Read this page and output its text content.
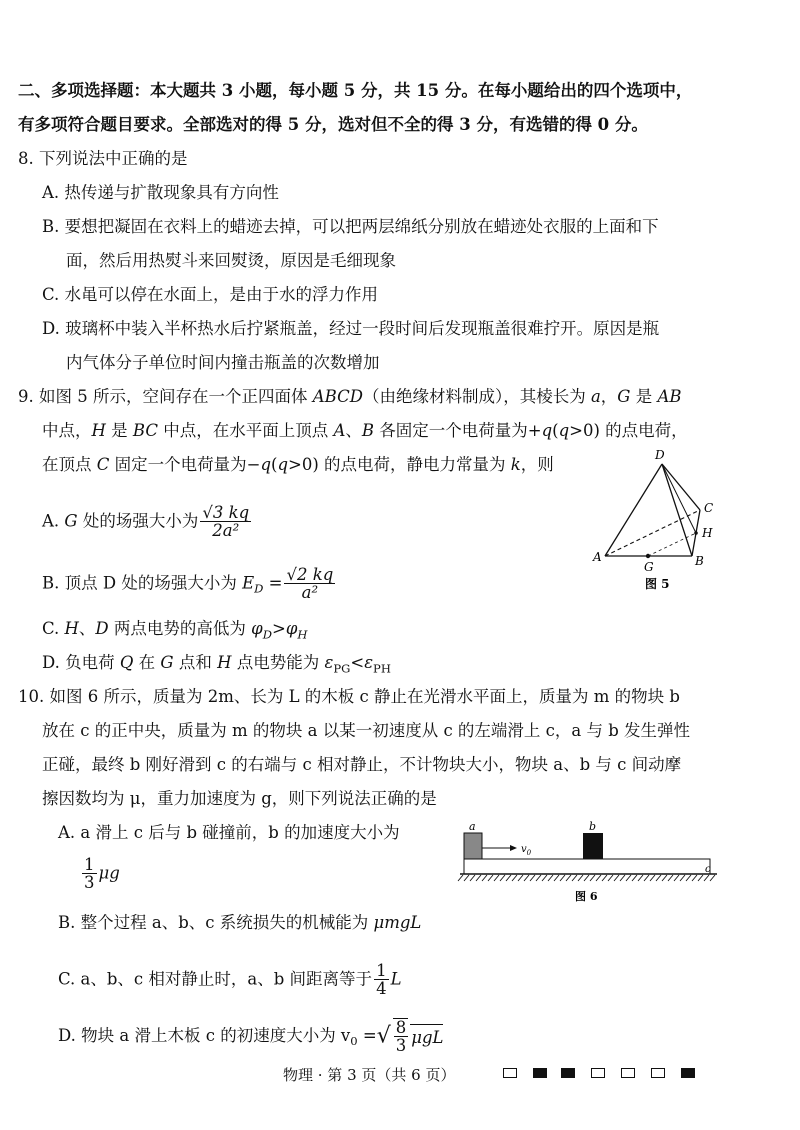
二、多项选择题：本大题共 3 小题，每小题 5 分，共 15 分。在每小题给出的四个选项中，
有多项符合题目要求。全部选对的得 5 分，选对但不全的得 3 分，有选错的得 0 分。
8. 下列说法中正确的是
A. 热传递与扩散现象具有方向性
B. 要想把凝固在衣料上的蜡迹去掉，可以把两层绵纸分别放在蜡迹处衣服的上面和下
面，然后用热熨斗来回熨烫，原因是毛细现象
C. 水黾可以停在水面上，是由于水的浮力作用
D. 玻璃杯中装入半杯热水后拧紧瓶盖，经过一段时间后发现瓶盖很难拧开。原因是瓶
内气体分子单位时间内撞击瓶盖的次数增加
9. 如图 5 所示，空间存在一个正四面体 ABCD（由绝缘材料制成），其棱长为 a，G 是 AB
中点，H 是 BC 中点，在水平面上顶点 A、B 各固定一个电荷量为+q(q>0) 的点电荷，
在顶点 C 固定一个电荷量为−q(q>0) 的点电荷，静电力常量为 k，则
A. G 处的场强大小为 $\frac{√3 kq}{\text{2a²}}$
B. 顶点 D 处的场强大小为 $E_D = \frac{√2 kq}{\text{a²}}$
C. H、D 两点电势的高低为 $\varphi_D>\varphi_H$
D. 负电荷 Q 在 G 点和 H 点电势能为 $\varepsilon_{PG}<\varepsilon_{PH}$
D
C
H
A	B
G
图 5
10. 如图 6 所示，质量为 2m、长为 L 的木板 c 静止在光滑水平面上，质量为 m 的物块 b
放在 c 的正中央，质量为 m 的物块 a 以某一初速度从 c 的左端滑上 c，a 与 b 发生弹性
正碰，最终 b 刚好滑到 c 的右端与 c 相对静止，不计物块大小，物块 a、b 与 c 间动摩
擦因数均为 μ，重力加速度为 g，则下列说法正确的是
A. a 滑上 c 后与 b 碰撞前，b 的加速度大小为
$\frac{1}{3}$ μg
B. 整个过程 a、b、c 系统损失的机械能为 μmgL
C. a、b、c 相对静止时，a、b 间距离等于 $\frac{1}{4}$ L
D. 物块 a 滑上木板 c 的初速度大小为 $v_0$ =√ $\frac{8}{3}$ μgL
a	b
$v_0$
c
图 6
物理 · 第 3 页（共 6 页）
